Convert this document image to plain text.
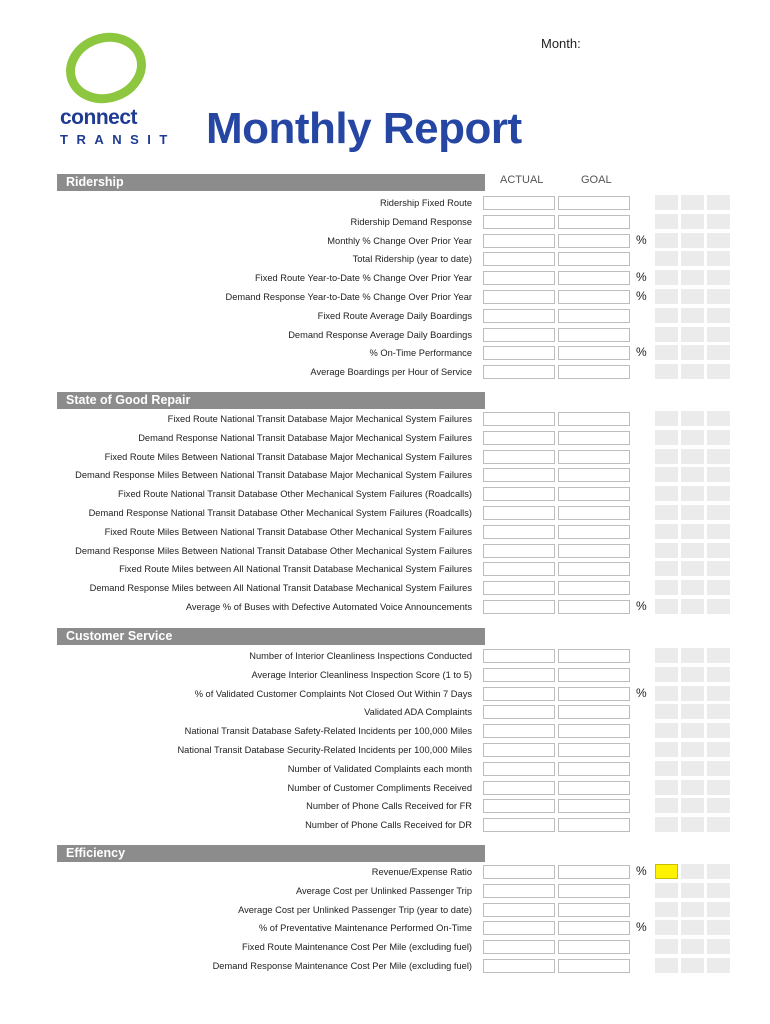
connect
TRANSIT
Month:
Monthly Report
ACTUAL	GOAL
Ridership
Ridership Fixed Route
Ridership Demand Response
Monthly % Change Over Prior Year	%
Total Ridership (year to date)
Fixed Route Year-to-Date % Change Over Prior Year	%
Demand Response Year-to-Date % Change Over Prior Year	%
Fixed Route Average Daily Boardings
Demand Response Average Daily Boardings
% On-Time Performance	%
Average Boardings per Hour of Service
State of Good Repair
Fixed Route National Transit Database Major Mechanical System Failures
Demand Response National Transit Database Major Mechanical System Failures
Fixed Route Miles Between National Transit Database Major Mechanical System Failures
Demand Response Miles Between National Transit Database Major Mechanical System Failures
Fixed Route National Transit Database Other Mechanical System Failures (Roadcalls)
Demand Response National Transit Database Other Mechanical System Failures (Roadcalls)
Fixed Route Miles Between National Transit Database Other Mechanical System Failures
Demand Response Miles Between National Transit Database Other Mechanical System Failures
Fixed Route Miles between All National Transit Database Mechanical System Failures
Demand Response Miles between All National Transit Database Mechanical System Failures
Average % of Buses with Defective Automated Voice Announcements	%
Customer Service
Number of Interior Cleanliness Inspections Conducted
Average Interior Cleanliness Inspection Score (1 to 5)
% of Validated Customer Complaints Not Closed Out Within 7 Days	%
Validated ADA Complaints
National Transit Database Safety-Related Incidents per 100,000 Miles
National Transit Database Security-Related Incidents per 100,000 Miles
Number of Validated Complaints each month
Number of Customer Compliments Received
Number of Phone Calls Received for FR
Number of Phone Calls Received for DR
Efficiency
Revenue/Expense Ratio	%
Average Cost per Unlinked Passenger Trip
Average Cost per Unlinked Passenger Trip (year to date)
% of Preventative Maintenance Performed On-Time	%
Fixed Route Maintenance Cost Per Mile (excluding fuel)
Demand Response Maintenance Cost Per Mile (excluding fuel)
